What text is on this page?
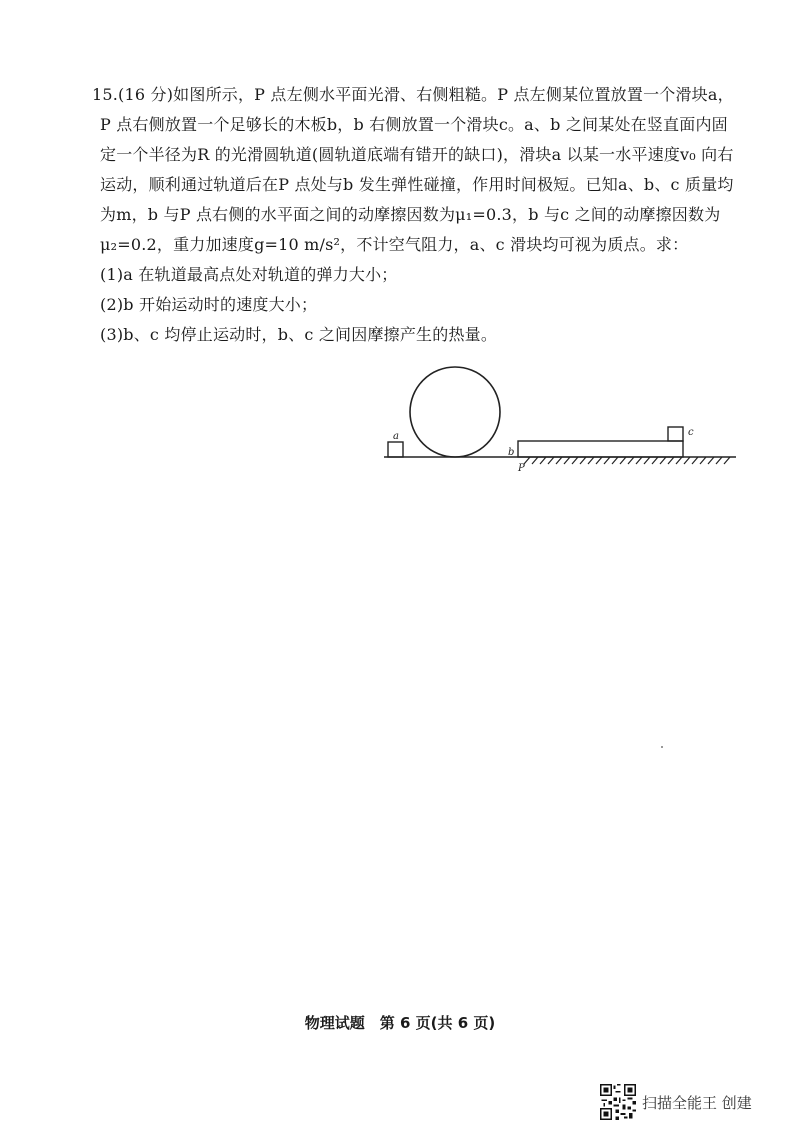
15.(16 分)如图所示，P 点左侧水平面光滑、右侧粗糙。P 点左侧某位置放置一个滑块a，P 点右侧放置一个足够长的木板b，b 右侧放置一个滑块c。a、b 之间某处在竖直面内固定一个半径为R 的光滑圆轨道(圆轨道底端有错开的缺口)，滑块a 以某一水平速度v₀ 向右运动，顺利通过轨道后在P 点处与b 发生弹性碰撞，作用时间极短。已知a、b、c 质量均为m，b 与P 点右侧的水平面之间的动摩擦因数为μ₁=0.3，b 与c 之间的动摩擦因数为μ₂=0.2，重力加速度g=10 m/s²，不计空气阻力，a、c 滑块均可视为质点。求：

(1)a 在轨道最高点处对轨道的弹力大小；

(2)b 开始运动时的速度大小；

(3)b、c 均停止运动时，b、c 之间因摩擦产生的热量。

a
b
P
c
物理试题　第 6 页(共 6 页)
扫描全能王 创建
